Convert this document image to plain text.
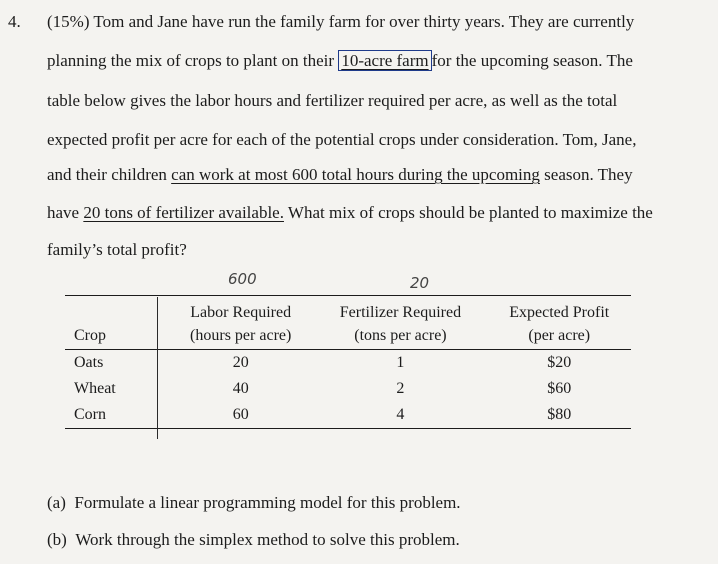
4. (15%) Tom and Jane have run the family farm for over thirty years. They are currently
planning the mix of crops to plant on their 10-acre farm for the upcoming season. The
table below gives the labor hours and fertilizer required per acre, as well as the total
expected profit per acre for each of the potential crops under consideration. Tom, Jane,
and their children can work at most 600 total hours during the upcoming season. They
have 20 tons of fertilizer available. What mix of crops should be planted to maximize the
family’s total profit?
600	20
	Labor Required	Fertilizer Required	Expected Profit
Crop	(hours per acre)	(tons per acre)	(per acre)
Oats	20	1	$20
Wheat	40	2	$60
Corn	60	4	$80
(a) Formulate a linear programming model for this problem.
(b) Work through the simplex method to solve this problem.
